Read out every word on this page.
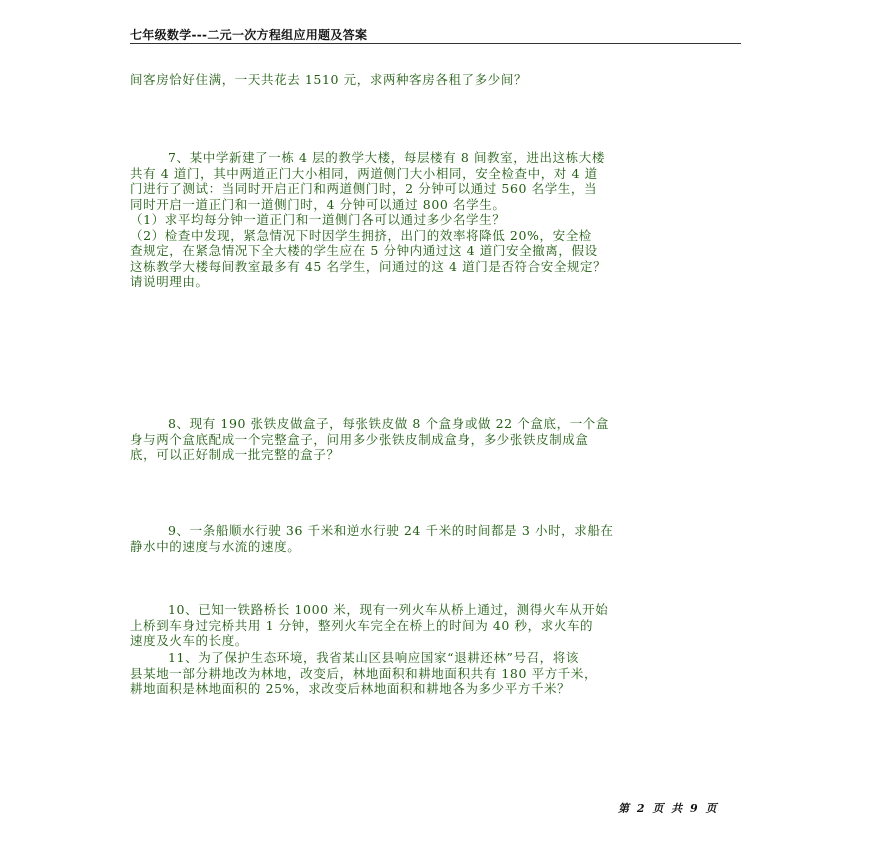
七年级数学---二元一次方程组应用题及答案

间客房恰好住满，一天共花去 1510 元，求两种客房各租了多少间？

7、某中学新建了一栋 4 层的教学大楼，每层楼有 8 间教室，进出这栋大楼

共有 4 道门，其中两道正门大小相同，两道侧门大小相同，安全检查中，对 4 道

门进行了测试：当同时开启正门和两道侧门时，2 分钟可以通过 560 名学生，当

同时开启一道正门和一道侧门时，4 分钟可以通过 800 名学生。

（1）求平均每分钟一道正门和一道侧门各可以通过多少名学生？

（2）检查中发现，紧急情况下时因学生拥挤，出门的效率将降低 20%，安全检

查规定，在紧急情况下全大楼的学生应在 5 分钟内通过这 4 道门安全撤离，假设

这栋教学大楼每间教室最多有 45 名学生，问通过的这 4 道门是否符合安全规定？

请说明理由。

8、现有 190 张铁皮做盒子，每张铁皮做 8 个盒身或做 22 个盒底，一个盒

身与两个盒底配成一个完整盒子，问用多少张铁皮制成盒身，多少张铁皮制成盒

底，可以正好制成一批完整的盒子？

9、一条船顺水行驶 36 千米和逆水行驶 24 千米的时间都是 3 小时，求船在

静水中的速度与水流的速度。

10、已知一铁路桥长 1000 米，现有一列火车从桥上通过，测得火车从开始

上桥到车身过完桥共用 1 分钟，整列火车完全在桥上的时间为 40 秒，求火车的

速度及火车的长度。

11、为了保护生态环境，我省某山区县响应国家“退耕还林”号召，将该

县某地一部分耕地改为林地，改变后，林地面积和耕地面积共有 180 平方千米，

耕地面积是林地面积的 25%，求改变后林地面积和耕地各为多少平方千米？

第 2 页 共 9 页
